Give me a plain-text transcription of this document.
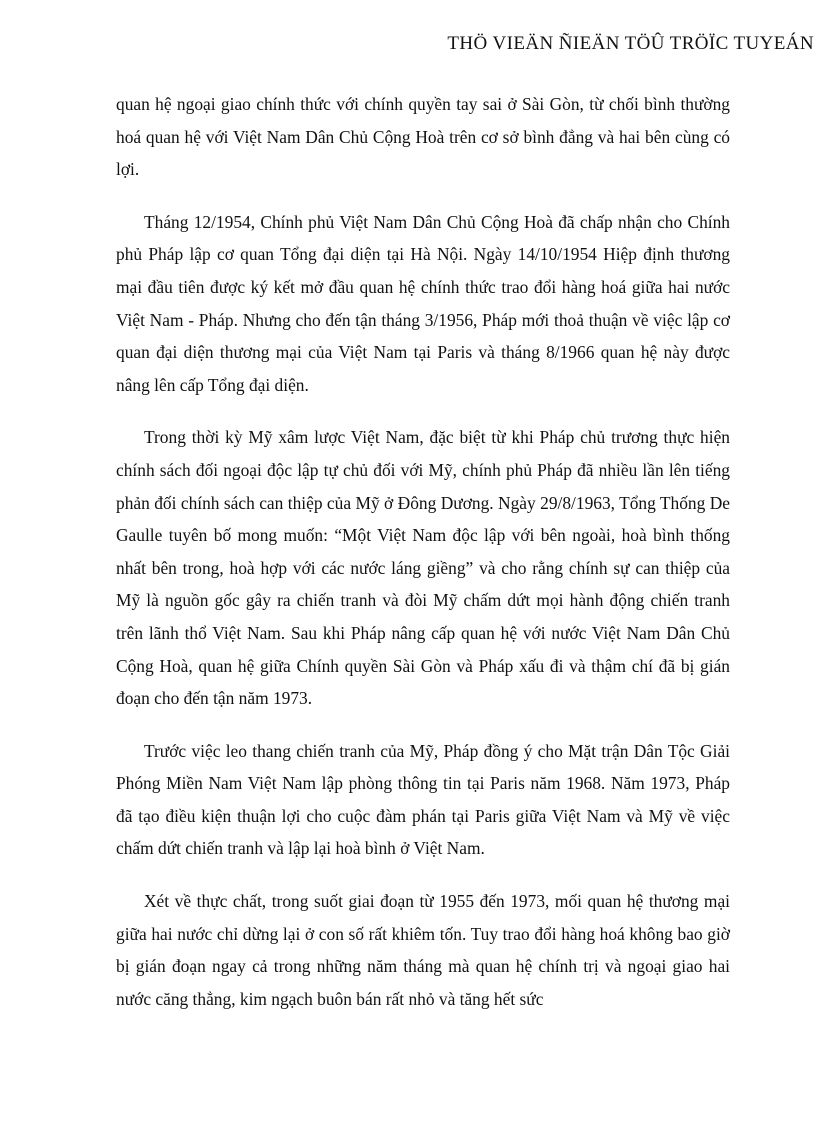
THÖ VIEÄN ÑIEÄN TÖÛ TRÖÏC TUYEÁN

quan hệ ngoại giao chính thức với chính quyền tay sai ở Sài Gòn, từ chối bình thường hoá quan hệ với Việt Nam Dân Chủ Cộng Hoà trên cơ sở bình đẳng và hai bên cùng có lợi.

Tháng 12/1954, Chính phủ Việt Nam Dân Chủ Cộng Hoà đã chấp nhận cho Chính phủ Pháp lập cơ quan Tổng đại diện tại Hà Nội. Ngày 14/10/1954 Hiệp định thương mại đầu tiên được ký kết mở đầu quan hệ chính thức trao đổi hàng hoá giữa hai nước Việt Nam - Pháp. Nhưng cho đến tận tháng 3/1956, Pháp mới thoả thuận về việc lập cơ quan đại diện thương mại của Việt Nam tại Paris và tháng 8/1966 quan hệ này được nâng lên cấp Tổng đại diện.

Trong thời kỳ Mỹ xâm lược Việt Nam, đặc biệt từ khi Pháp chủ trương thực hiện chính sách đối ngoại độc lập tự chủ đối với Mỹ, chính phủ Pháp đã nhiều lần lên tiếng phản đối chính sách can thiệp của Mỹ ở Đông Dương. Ngày 29/8/1963, Tổng Thống De Gaulle tuyên bố mong muốn: “Một Việt Nam độc lập với bên ngoài, hoà bình thống nhất bên trong, hoà hợp với các nước láng giềng” và cho rằng chính sự can thiệp của Mỹ là nguồn gốc gây ra chiến tranh và đòi Mỹ chấm dứt mọi hành động chiến tranh trên lãnh thổ Việt Nam. Sau khi Pháp nâng cấp quan hệ với nước Việt Nam Dân Chủ Cộng Hoà, quan hệ giữa Chính quyền Sài Gòn và Pháp xấu đi và thậm chí đã bị gián đoạn cho đến tận năm 1973.

Trước việc leo thang chiến tranh của Mỹ, Pháp đồng ý cho Mặt trận Dân Tộc Giải Phóng Miền Nam Việt Nam lập phòng thông tin tại Paris năm 1968. Năm 1973, Pháp đã tạo điều kiện thuận lợi cho cuộc đàm phán tại Paris giữa Việt Nam và Mỹ về việc chấm dứt chiến tranh và lập lại hoà bình ở Việt Nam.

Xét về thực chất, trong suốt giai đoạn từ 1955 đến 1973, mối quan hệ thương mại giữa hai nước chỉ dừng lại ở con số rất khiêm tốn. Tuy trao đổi hàng hoá không bao giờ bị gián đoạn ngay cả trong những năm tháng mà quan hệ chính trị và ngoại giao hai nước căng thẳng, kim ngạch buôn bán rất nhỏ và tăng hết sức
